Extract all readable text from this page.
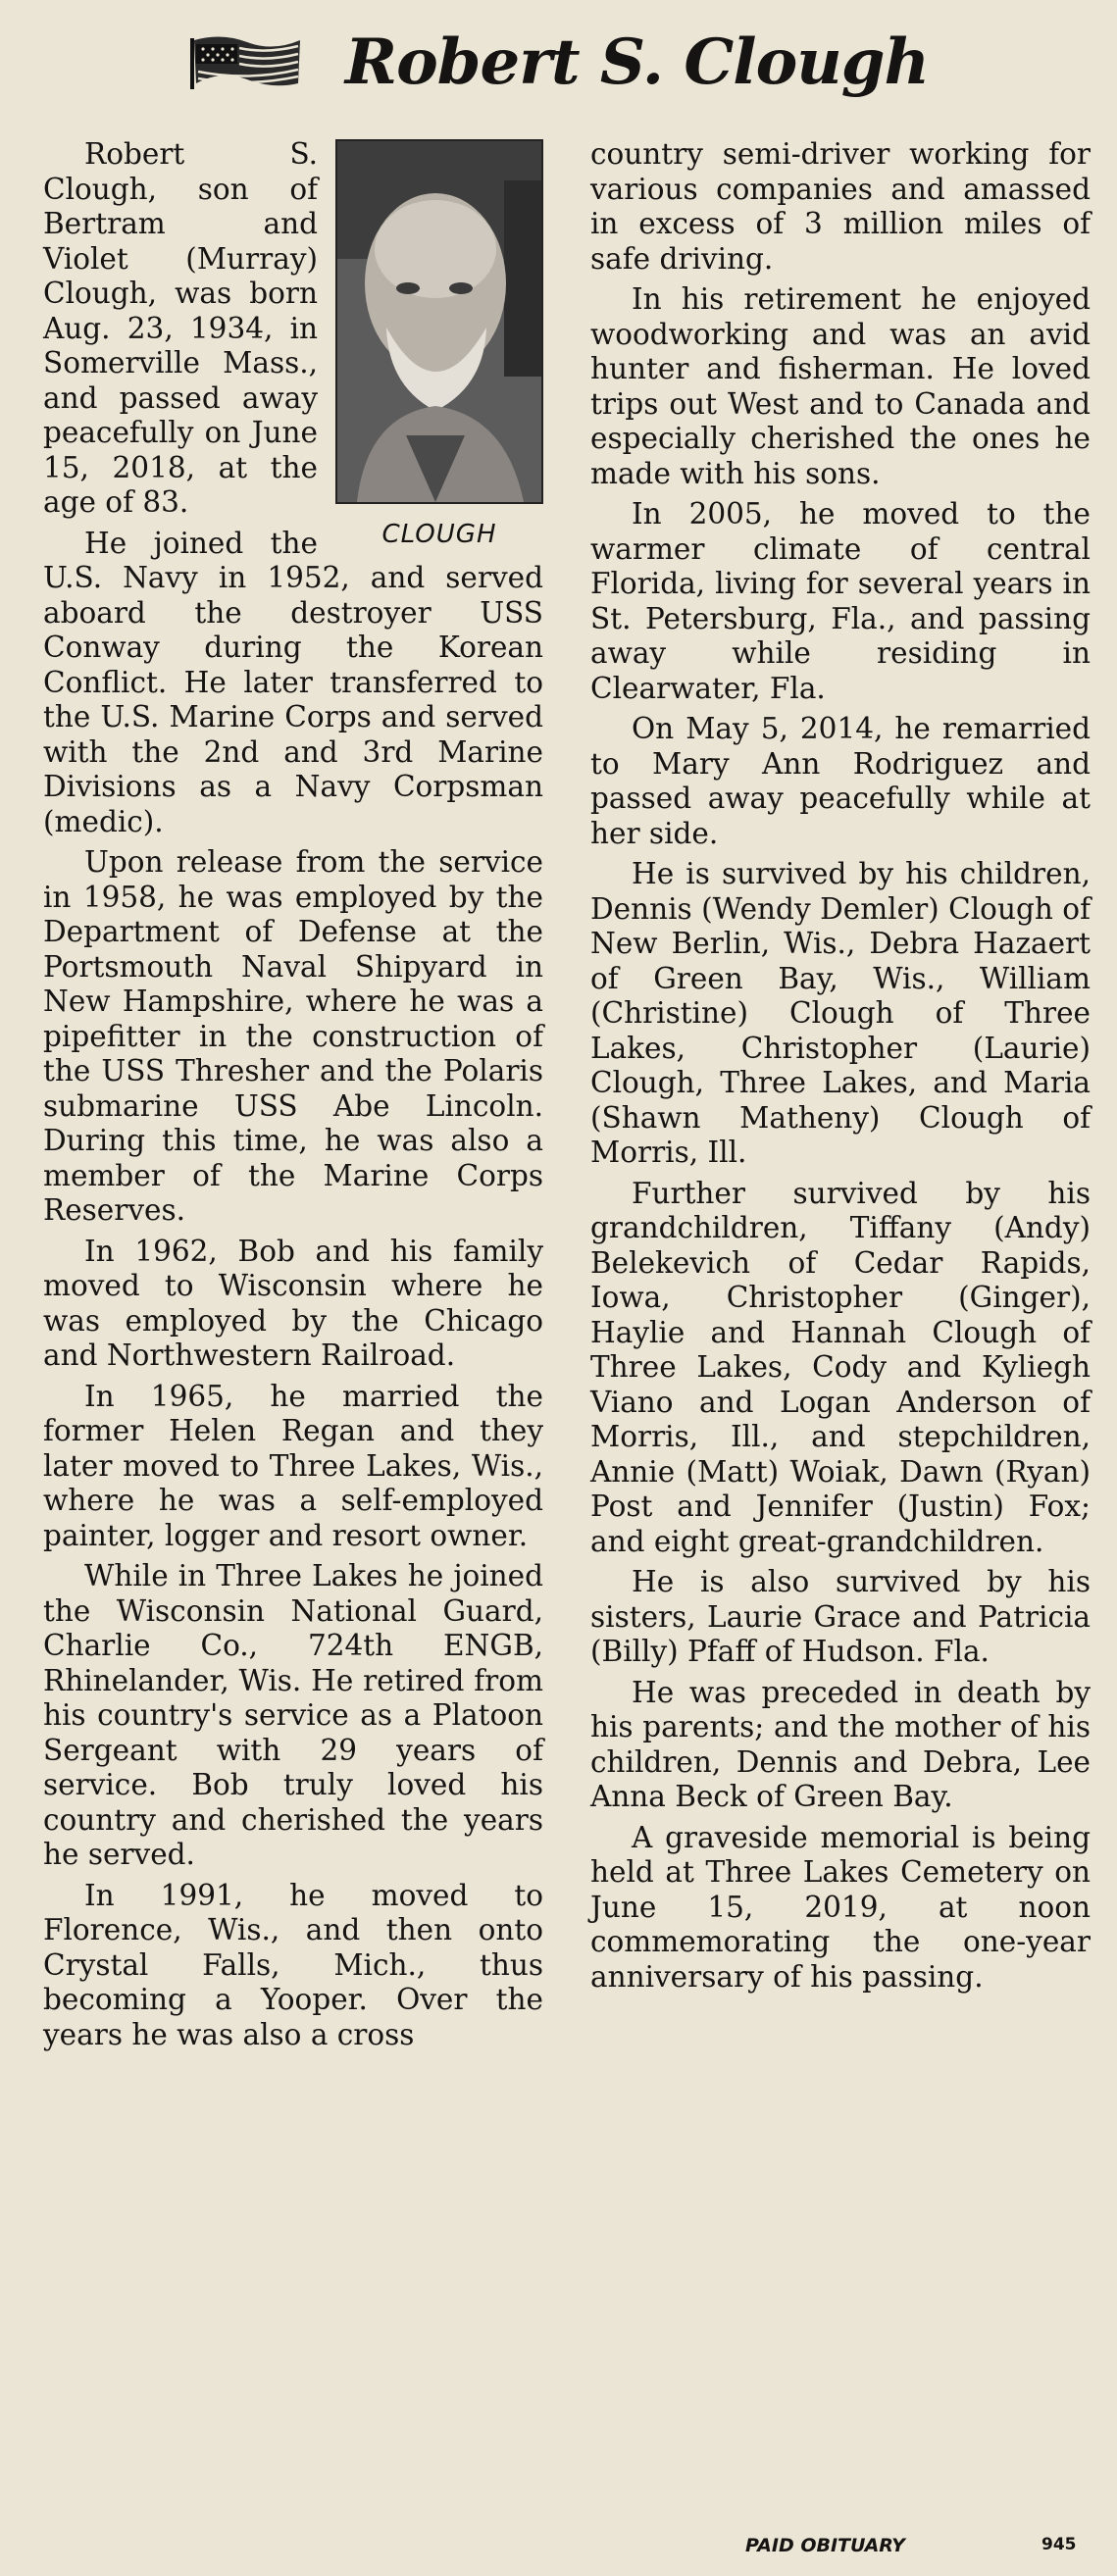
Robert S. Clough
CLOUGH

Robert S. Clough, son of Bertram and Violet (Murray) Clough, was born Aug. 23, 1934, in Somerville Mass., and passed away peacefully on June 15, 2018, at the age of 83.

He joined the U.S. Navy in 1952, and served aboard the destroyer USS Conway during the Korean Conflict. He later transferred to the U.S. Marine Corps and served with the 2nd and 3rd Marine Divisions as a Navy Corpsman (medic).

Upon release from the service in 1958, he was employed by the Department of Defense at the Portsmouth Naval Shipyard in New Hampshire, where he was a pipefitter in the construction of the USS Thresher and the Polaris submarine USS Abe Lincoln. During this time, he was also a member of the Marine Corps Reserves.

In 1962, Bob and his family moved to Wisconsin where he was employed by the Chicago and Northwestern Railroad.

In 1965, he married the former Helen Regan and they later moved to Three Lakes, Wis., where he was a self-employed painter, logger and resort owner.

While in Three Lakes he joined the Wisconsin National Guard, Charlie Co., 724th ENGB, Rhinelander, Wis. He retired from his country's service as a Platoon Sergeant with 29 years of service. Bob truly loved his country and cherished the years he served.

In 1991, he moved to Florence, Wis., and then onto Crystal Falls, Mich., thus becoming a Yooper. Over the years he was also a cross

country semi-driver working for various companies and amassed in excess of 3 million miles of safe driving.

In his retirement he enjoyed woodworking and was an avid hunter and fisherman. He loved trips out West and to Canada and especially cherished the ones he made with his sons.

In 2005, he moved to the warmer climate of central Florida, living for several years in St. Petersburg, Fla., and passing away while residing in Clearwater, Fla.

On May 5, 2014, he remarried to Mary Ann Rodriguez and passed away peacefully while at her side.

He is survived by his children, Dennis (Wendy Demler) Clough of New Berlin, Wis., Debra Hazaert of Green Bay, Wis., William (Christine) Clough of Three Lakes, Christopher (Laurie) Clough, Three Lakes, and Maria (Shawn Matheny) Clough of Morris, Ill.

Further survived by his grandchildren, Tiffany (Andy) Belekevich of Cedar Rapids, Iowa, Christopher (Ginger), Haylie and Hannah Clough of Three Lakes, Cody and Kyliegh Viano and Logan Anderson of Morris, Ill., and stepchildren, Annie (Matt) Woiak, Dawn (Ryan) Post and Jennifer (Justin) Fox; and eight great-grandchildren.

He is also survived by his sisters, Laurie Grace and Patricia (Billy) Pfaff of Hudson. Fla.

He was preceded in death by his parents; and the mother of his children, Dennis and Debra, Lee Anna Beck of Green Bay.

A graveside memorial is being held at Three Lakes Cemetery on June 15, 2019, at noon commemorating the one-year anniversary of his passing.

PAID OBITUARY	945
